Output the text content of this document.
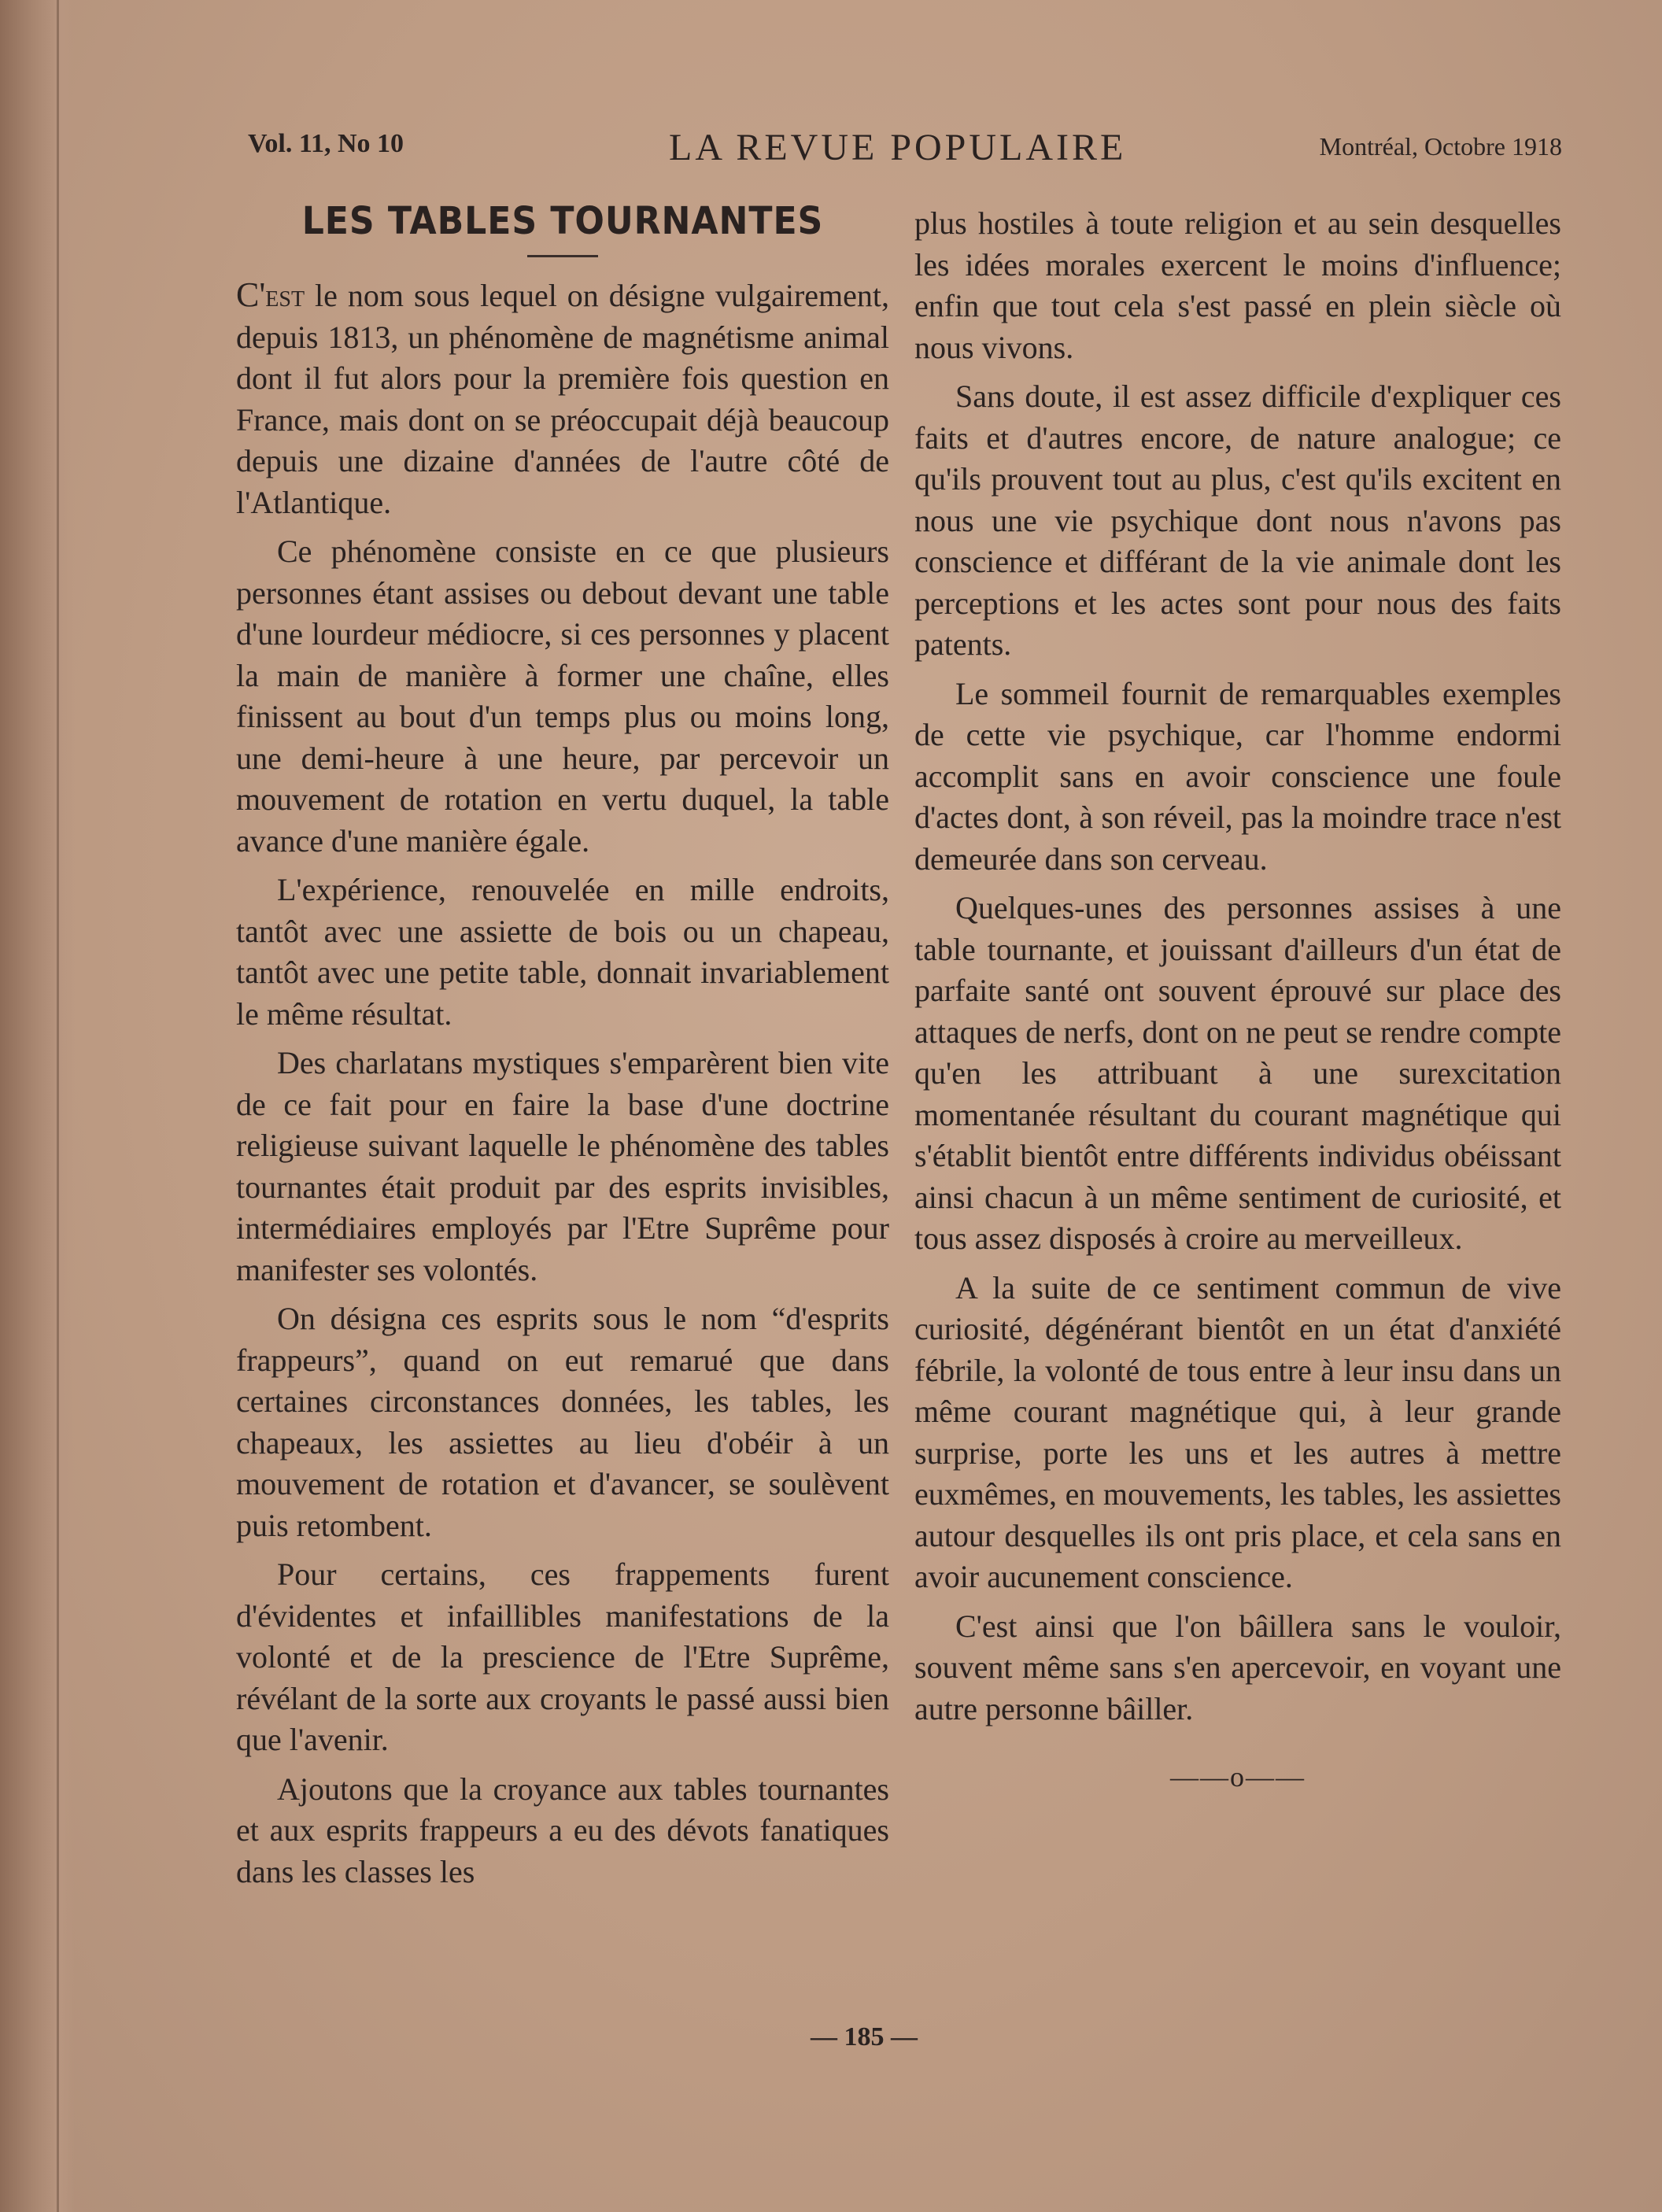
Vol. 11, No 10	LA REVUE POPULAIRE	Montréal, Octobre 1918
LES TABLES TOURNANTES

C'est le nom sous lequel on désigne vulgairement, depuis 1813, un phénomène de magnétisme animal dont il fut alors pour la première fois question en France, mais dont on se préoccupait déjà beaucoup depuis une dizaine d'années de l'autre côté de l'Atlantique.

Ce phénomène consiste en ce que plusieurs personnes étant assises ou debout devant une table d'une lourdeur médiocre, si ces personnes y placent la main de manière à former une chaîne, elles finissent au bout d'un temps plus ou moins long, une demi-heure à une heure, par percevoir un mouvement de rotation en vertu duquel, la table avance d'une manière égale.

L'expérience, renouvelée en mille endroits, tantôt avec une assiette de bois ou un chapeau, tantôt avec une petite table, donnait invariablement le même résultat.

Des charlatans mystiques s'emparèrent bien vite de ce fait pour en faire la base d'une doctrine religieuse suivant laquelle le phénomène des tables tournantes était produit par des esprits invisibles, intermédiaires employés par l'Etre Suprême pour manifester ses volontés.

On désigna ces esprits sous le nom “d'esprits frappeurs”, quand on eut remarué que dans certaines circonstances données, les tables, les chapeaux, les assiettes au lieu d'obéir à un mouvement de rotation et d'avancer, se soulèvent puis retombent.

Pour certains, ces frappements furent d'évidentes et infaillibles manifestations de la volonté et de la prescience de l'Etre Suprême, révélant de la sorte aux croyants le passé aussi bien que l'avenir.

Ajoutons que la croyance aux tables tournantes et aux esprits frappeurs a eu des dévots fanatiques dans les classes les

plus hostiles à toute religion et au sein desquelles les idées morales exercent le moins d'influence; enfin que tout cela s'est passé en plein siècle où nous vivons.

Sans doute, il est assez difficile d'expliquer ces faits et d'autres encore, de nature analogue; ce qu'ils prouvent tout au plus, c'est qu'ils excitent en nous une vie psychique dont nous n'avons pas conscience et différant de la vie animale dont les perceptions et les actes sont pour nous des faits patents.

Le sommeil fournit de remarquables exemples de cette vie psychique, car l'homme endormi accomplit sans en avoir conscience une foule d'actes dont, à son réveil, pas la moindre trace n'est demeurée dans son cerveau.

Quelques-unes des personnes assises à une table tournante, et jouissant d'ailleurs d'un état de parfaite santé ont souvent éprouvé sur place des attaques de nerfs, dont on ne peut se rendre compte qu'en les attribuant à une surexcitation momentanée résultant du courant magnétique qui s'établit bientôt entre différents individus obéissant ainsi chacun à un même sentiment de curiosité, et tous assez disposés à croire au merveilleux.

A la suite de ce sentiment commun de vive curiosité, dégénérant bientôt en un état d'anxiété fébrile, la volonté de tous entre à leur insu dans un même courant magnétique qui, à leur grande surprise, porte les uns et les autres à mettre euxmêmes, en mouvements, les tables, les assiettes autour desquelles ils ont pris place, et cela sans en avoir aucunement conscience.

C'est ainsi que l'on bâillera sans le vouloir, souvent même sans s'en apercevoir, en voyant une autre personne bâiller.

——o——
— 185 —
